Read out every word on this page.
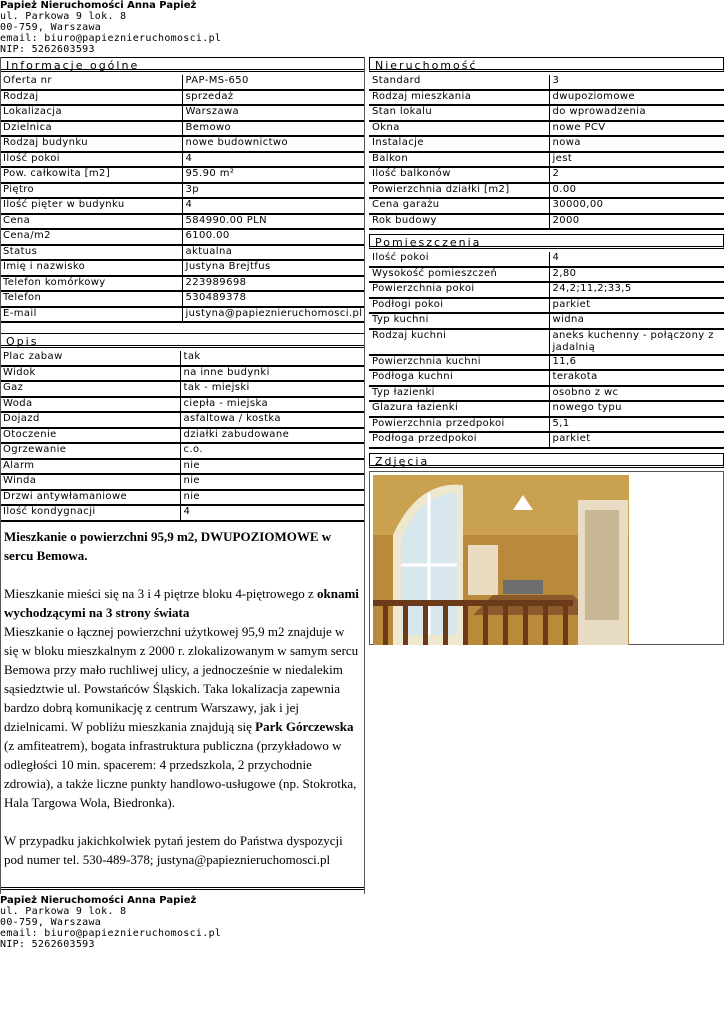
Papież Nieruchomości Anna Papież
ul. Parkowa 9 lok. 8
00-759, Warszawa
email: biuro@papieznieruchomosci.pl
NIP: 5262603593
Informacje ogólne
Oferta nr	PAP-MS-650
Rodzaj	sprzedaż
Lokalizacja	Warszawa
Dzielnica	Bemowo
Rodzaj budynku	nowe budownictwo
Ilość pokoi	4
Pow. całkowita [m2]	95.90 m²
Piętro	3p
Ilość pięter w budynku	4
Cena	584990.00 PLN
Cena/m2	6100.00
Status	aktualna
Imię i nazwisko	Justyna Brejtfus
Telefon komórkowy	223989698
Telefon	530489378
E-mail	justyna@papieznieruchomosci.pl
Opis
Plac zabaw	tak
Widok	na inne budynki
Gaz	tak - miejski
Woda	ciepła - miejska
Dojazd	asfaltowa / kostka
Otoczenie	działki zabudowane
Ogrzewanie	c.o.
Alarm	nie
Winda	nie
Drzwi antywłamaniowe	nie
Ilość kondygnacji	4

Mieszkanie o powierzchni 95,9 m2, DWUPOZIOMOWE w sercu Bemowa.

Mieszkanie mieści się na 3 i 4 piętrze bloku 4-piętrowego z oknami wychodzącymi na 3 strony świata

Mieszkanie o łącznej powierzchni użytkowej 95,9 m2 znajduje w się w bloku mieszkalnym z 2000 r. zlokalizowanym w samym sercu Bemowa przy mało ruchliwej ulicy, a jednocześnie w niedalekim sąsiedztwie ul. Powstańców Śląskich. Taka lokalizacja zapewnia bardzo dobrą komunikację z centrum Warszawy, jak i jej dzielnicami. W pobliżu mieszkania znajdują się Park Górczewska (z amfiteatrem), bogata infrastruktura publiczna (przykładowo w odległości 10 min. spacerem: 4 przedszkola, 2 przychodnie zdrowia), a także liczne punkty handlowo-usługowe (np. Stokrotka, Hala Targowa Wola, Biedronka).

W przypadku jakichkolwiek pytań jestem do Państwa dyspozycji pod numer tel. 530-489-378; justyna@papieznieruchomosci.pl

Nieruchomość
Standard	3
Rodzaj mieszkania	dwupoziomowe
Stan lokalu	do wprowadzenia
Okna	nowe PCV
Instalacje	nowa
Balkon	jest
Ilość balkonów	2
Powierzchnia działki [m2]	0.00
Cena garażu	30000,00
Rok budowy	2000
Pomieszczenia
Ilość pokoi	4
Wysokość pomieszczeń	2,80
Powierzchnia pokoi	24,2;11,2;33,5
Podłogi pokoi	parkiet
Typ kuchni	widna
Rodzaj kuchni	aneks kuchenny - połączony z jadalnią
Powierzchnia kuchni	11,6
Podłoga kuchni	terakota
Typ łazienki	osobno z wc
Glazura łazienki	nowego typu
Powierzchnia przedpokoi	5,1
Podłoga przedpokoi	parkiet
Zdjęcia
Papież Nieruchomości Anna Papież
ul. Parkowa 9 lok. 8
00-759, Warszawa
email: biuro@papieznieruchomosci.pl
NIP: 5262603593
